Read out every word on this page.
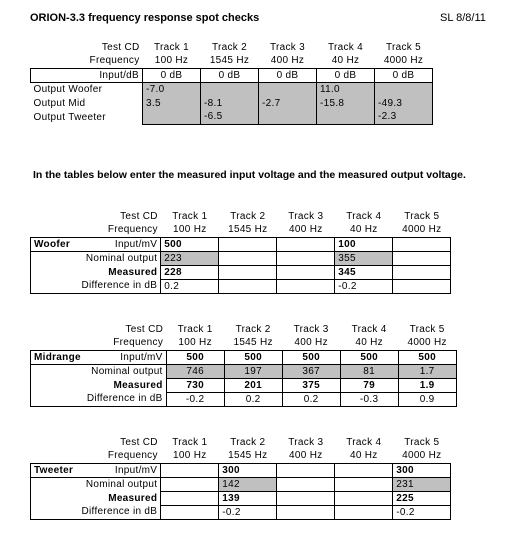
ORION-3.3 frequency response spot checks	SL 8/8/11
Test CD	Track 1	Track 2	Track 3	Track 4	Track 5
Frequency	100 Hz	1545 Hz	400 Hz	40 Hz	4000 Hz
Input/dB	0 dB	0 dB	0 dB	0 dB	0 dB
Output Woofer	-7.0			11.0	
Output Mid	3.5	-8.1	-2.7	-15.8	-49.3
Output Tweeter		-6.5			-2.3
In the tables below enter the measured input voltage and the measured output voltage.
	Test CD	Track 1	Track 2	Track 3	Track 4	Track 5
	Frequency	100 Hz	1545 Hz	400 Hz	40 Hz	4000 Hz
Woofer	Input/mV	500			100	
	Nominal output	223			355	
	Measured	228			345	
	Difference in dB	0.2			-0.2	
	Test CD	Track 1	Track 2	Track 3	Track 4	Track 5
	Frequency	100 Hz	1545 Hz	400 Hz	40 Hz	4000 Hz
Midrange	Input/mV	500	500	500	500	500
	Nominal output	746	197	367	81	1.7
	Measured	730	201	375	79	1.9
	Difference in dB	-0.2	0.2	0.2	-0.3	0.9
	Test CD	Track 1	Track 2	Track 3	Track 4	Track 5
	Frequency	100 Hz	1545 Hz	400 Hz	40 Hz	4000 Hz
Tweeter	Input/mV		300			300
	Nominal output		142			231
	Measured		139			225
	Difference in dB		-0.2			-0.2
